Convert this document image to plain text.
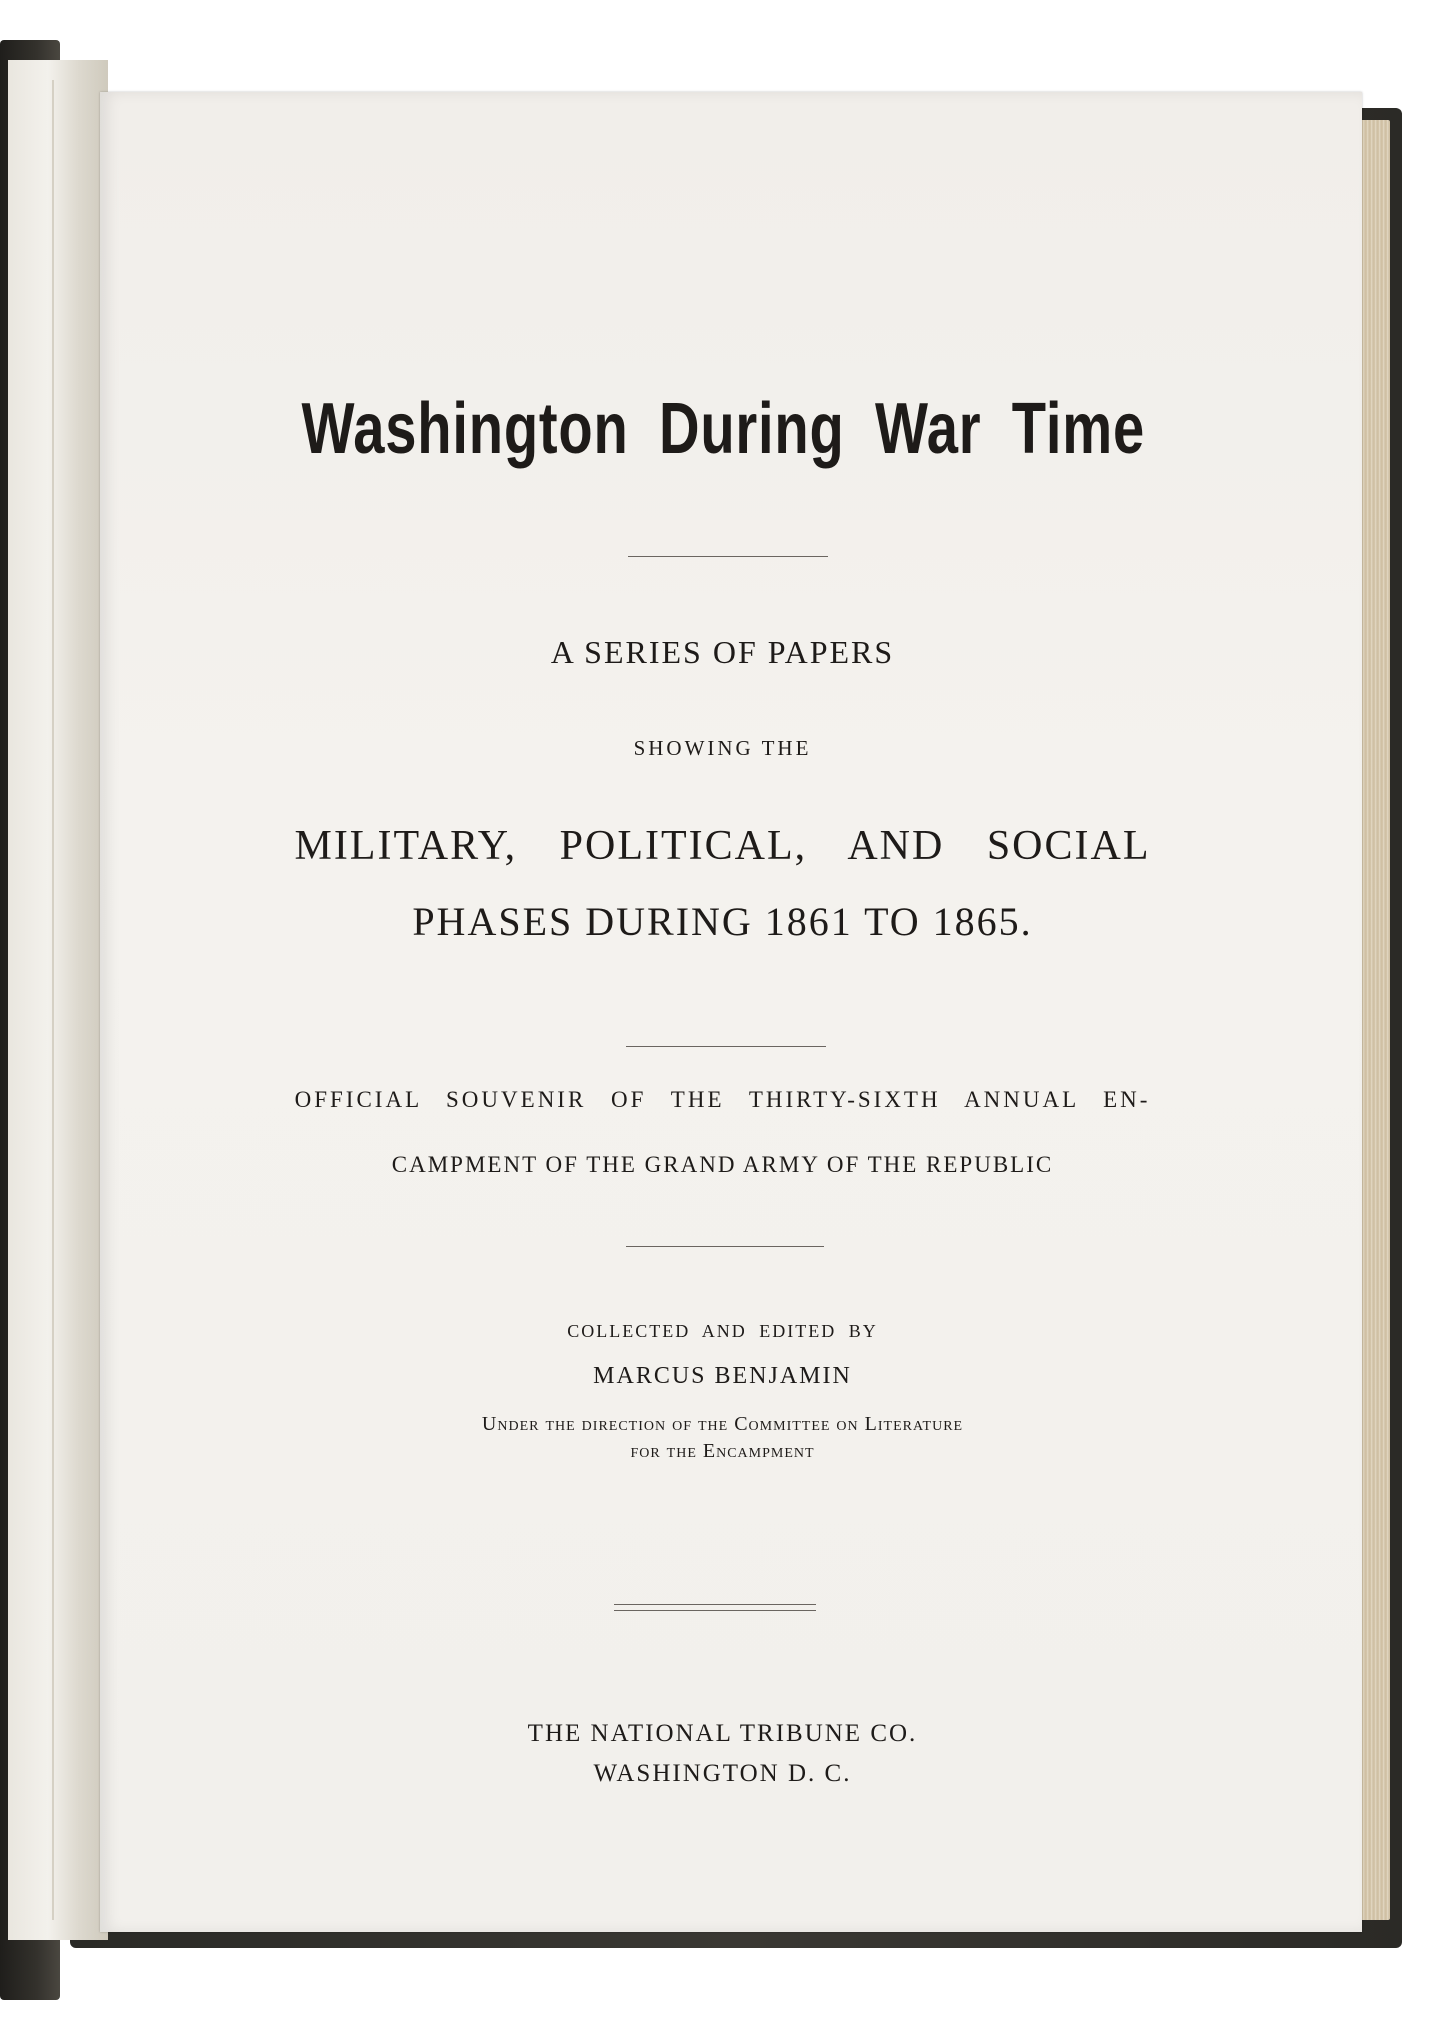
Washington During War Time
A SERIES OF PAPERS
SHOWING THE
MILITARY, POLITICAL, AND SOCIAL
PHASES DURING 1861 TO 1865.
OFFICIAL SOUVENIR OF THE THIRTY-SIXTH ANNUAL EN-
CAMPMENT OF THE GRAND ARMY OF THE REPUBLIC
COLLECTED AND EDITED BY
MARCUS BENJAMIN
Under the direction of the Committee on Literature
for the Encampment
THE NATIONAL TRIBUNE CO.
WASHINGTON D. C.
